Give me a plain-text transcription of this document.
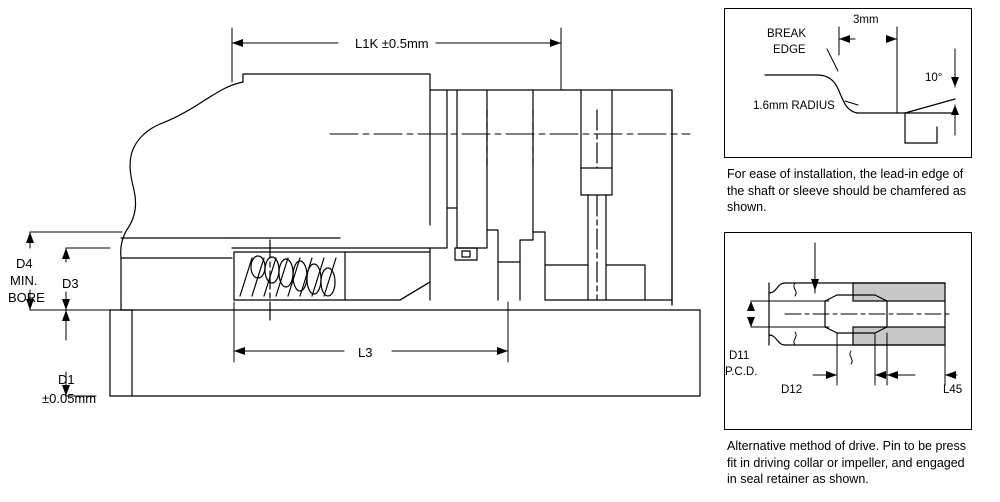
L1K ±0.5mm
L3
D1
±0.05mm
D3
D4
MIN.
BORE
BREAK
EDGE
1.6mm RADIUS
3mm
10°
For ease of installation, the lead-in edge of the shaft or sleeve should be chamfered as shown.
D11
P.C.D.
D12	L45
Alternative method of drive. Pin to be press fit in driving collar or impeller, and engaged in seal retainer as shown.
